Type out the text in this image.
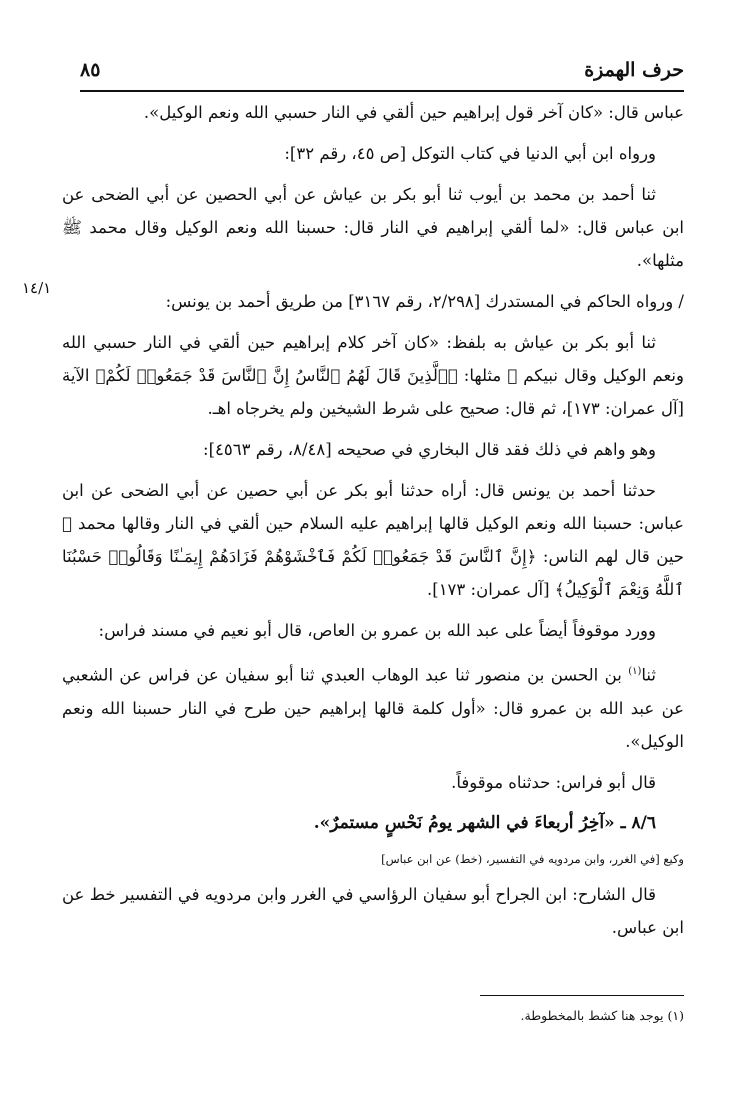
حرف الهمزة
٨٥
١٤/١

عباس قال: «كان آخر قول إبراهيم حين ألقي في النار حسبي الله ونعم الوكيل».

ورواه ابن أبي الدنيا في كتاب التوكل [ص ٤٥، رقم ٣٢]:

ثنا أحمد بن محمد بن أيوب ثنا أبو بكر بن عياش عن أبي الحصين عن أبي الضحى عن ابن عباس قال: «لما ألقي إبراهيم في النار قال: حسبنا الله ونعم الوكيل وقال محمد ﷺ مثلها».

/ ورواه الحاكم في المستدرك [٢/٢٩٨، رقم ٣١٦٧] من طريق أحمد بن يونس:

ثنا أبو بكر بن عياش به بلفظ: «كان آخر كلام إبراهيم حين ألقي في النار حسبي الله ونعم الوكيل وقال نبيكم ﷺ مثلها: ﴿ٱلَّذِينَ قَالَ لَهُمُ ٱلنَّاسُ إِنَّ ٱلنَّاسَ قَدْ جَمَعُوا۟ لَكُمْ﴾ الآية [آل عمران: ١٧٣]، ثم قال: صحيح على شرط الشيخين ولم يخرجاه اهـ.

وهو واهم في ذلك فقد قال البخاري في صحيحه [٨/٤٨، رقم ٤٥٦٣]:

حدثنا أحمد بن يونس قال: أراه حدثنا أبو بكر عن أبي حصين عن أبي الضحى عن ابن عباس: حسبنا الله ونعم الوكيل قالها إبراهيم عليه السلام حين ألقي في النار وقالها محمد ﷺ حين قال لهم الناس: ﴿إِنَّ ٱلنَّاسَ قَدْ جَمَعُوا۟ لَكُمْ فَٱخْشَوْهُمْ فَزَادَهُمْ إِيمَـٰنًا وَقَالُوا۟ حَسْبُنَا ٱللَّهُ وَنِعْمَ ٱلْوَكِيلُ﴾ [آل عمران: ١٧٣].

وورد موقوفاً أيضاً على عبد الله بن عمرو بن العاص، قال أبو نعيم في مسند فراس:

ثنا$^{(١)}$ بن الحسن بن منصور ثنا عبد الوهاب العبدي ثنا أبو سفيان عن فراس عن الشعبي عن عبد الله بن عمرو قال: «أول كلمة قالها إبراهيم حين طرح في النار حسبنا الله ونعم الوكيل».

قال أبو فراس: حدثناه موقوفاً.

٨/٦ ـ «آخِرُ أربعاءَ في الشهر يومُ نَحْسٍ مستمرٌ».

وكيع [في الغرر، وابن مردويه في التفسير، (خط) عن ابن عباس]

قال الشارح: ابن الجراح أبو سفيان الرؤاسي في الغرر وابن مردويه في التفسير خط عن ابن عباس.

(١) يوجد هنا كشط بالمخطوطة.
